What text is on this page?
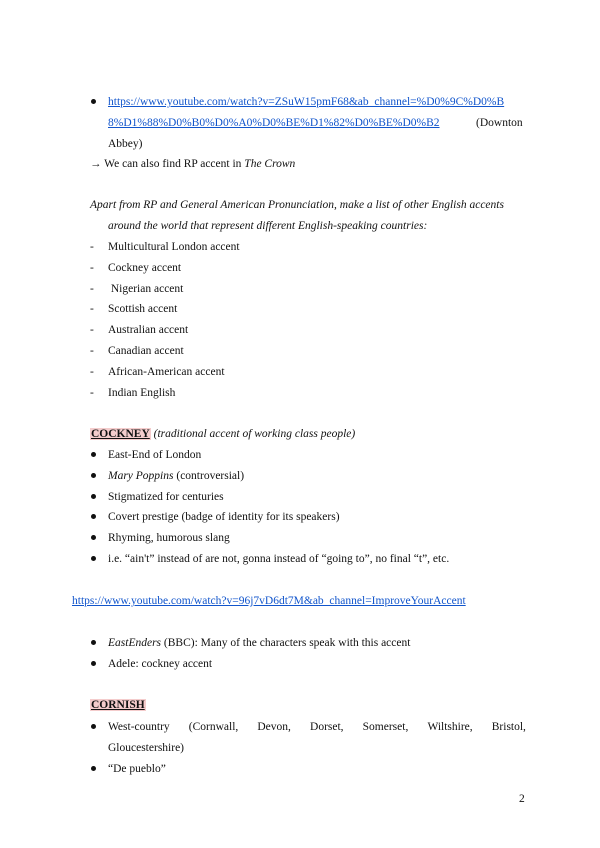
https://www.youtube.com/watch?v=ZSuW15pmF68&ab_channel=%D0%9C%D0%B
8%D1%88%D0%B0%D0%A0%D0%BE%D1%82%D0%BE%D0%B2	(Downton
Abbey)
→ We can also find RP accent in The Crown
Apart from RP and General American Pronunciation, make a list of other English accents
around the world that represent different English-speaking countries:
- Multicultural London accent
- Cockney accent
- Nigerian accent
- Scottish accent
- Australian accent
- Canadian accent
- African-American accent
- Indian English
COCKNEY (traditional accent of working class people)
East-End of London
Mary Poppins (controversial)
Stigmatized for centuries
Covert prestige (badge of identity for its speakers)
Rhyming, humorous slang
i.e. “ain't” instead of are not, gonna instead of “going to”, no final “t”, etc.
https://www.youtube.com/watch?v=96j7vD6dt7M&ab_channel=ImproveYourAccent
EastEnders (BBC): Many of the characters speak with this accent
Adele: cockney accent
CORNISH
West-country (Cornwall, Devon, Dorset, Somerset, Wiltshire, Bristol,
Gloucestershire)
“De pueblo”
2
